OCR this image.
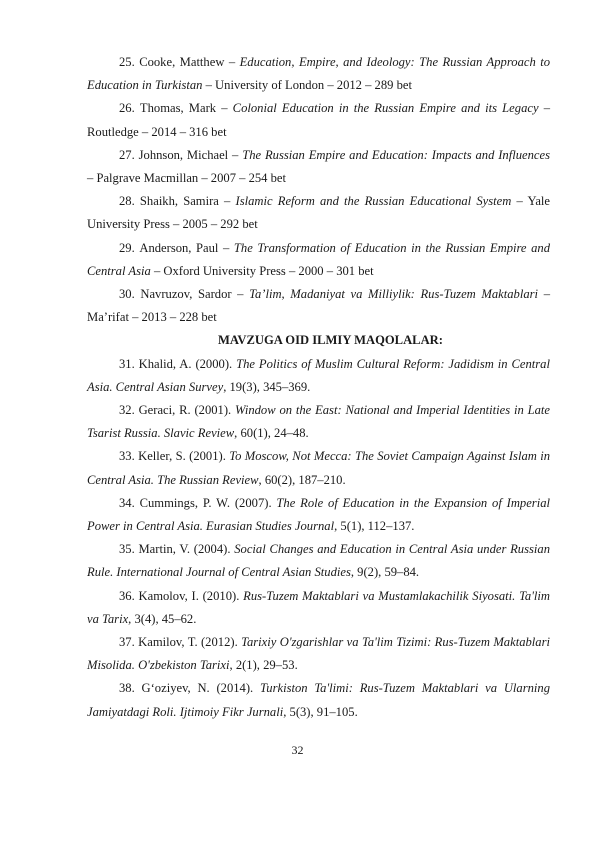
25. Cooke, Matthew – Education, Empire, and Ideology: The Russian Approach to Education in Turkistan – University of London – 2012 – 289 bet

26. Thomas, Mark – Colonial Education in the Russian Empire and its Legacy – Routledge – 2014 – 316 bet

27. Johnson, Michael – The Russian Empire and Education: Impacts and Influences – Palgrave Macmillan – 2007 – 254 bet

28. Shaikh, Samira – Islamic Reform and the Russian Educational System – Yale University Press – 2005 – 292 bet

29. Anderson, Paul – The Transformation of Education in the Russian Empire and Central Asia – Oxford University Press – 2000 – 301 bet

30. Navruzov, Sardor – Ta’lim, Madaniyat va Milliylik: Rus-Tuzem Maktablari – Ma’rifat – 2013 – 228 bet

MAVZUGA OID ILMIY MAQOLALAR:

31. Khalid, A. (2000). The Politics of Muslim Cultural Reform: Jadidism in Central Asia. Central Asian Survey, 19(3), 345–369.

32. Geraci, R. (2001). Window on the East: National and Imperial Identities in Late Tsarist Russia. Slavic Review, 60(1), 24–48.

33. Keller, S. (2001). To Moscow, Not Mecca: The Soviet Campaign Against Islam in Central Asia. The Russian Review, 60(2), 187–210.

34. Cummings, P. W. (2007). The Role of Education in the Expansion of Imperial Power in Central Asia. Eurasian Studies Journal, 5(1), 112–137.

35. Martin, V. (2004). Social Changes and Education in Central Asia under Russian Rule. International Journal of Central Asian Studies, 9(2), 59–84.

36. Kamolov, I. (2010). Rus-Tuzem Maktablari va Mustamlakachilik Siyosati. Ta'lim va Tarix, 3(4), 45–62.

37. Kamilov, T. (2012). Tarixiy O'zgarishlar va Ta'lim Tizimi: Rus-Tuzem Maktablari Misolida. O'zbekiston Tarixi, 2(1), 29–53.

38. G‘oziyev, N. (2014). Turkiston Ta'limi: Rus-Tuzem Maktablari va Ularning Jamiyatdagi Roli. Ijtimoiy Fikr Jurnali, 5(3), 91–105.

32
